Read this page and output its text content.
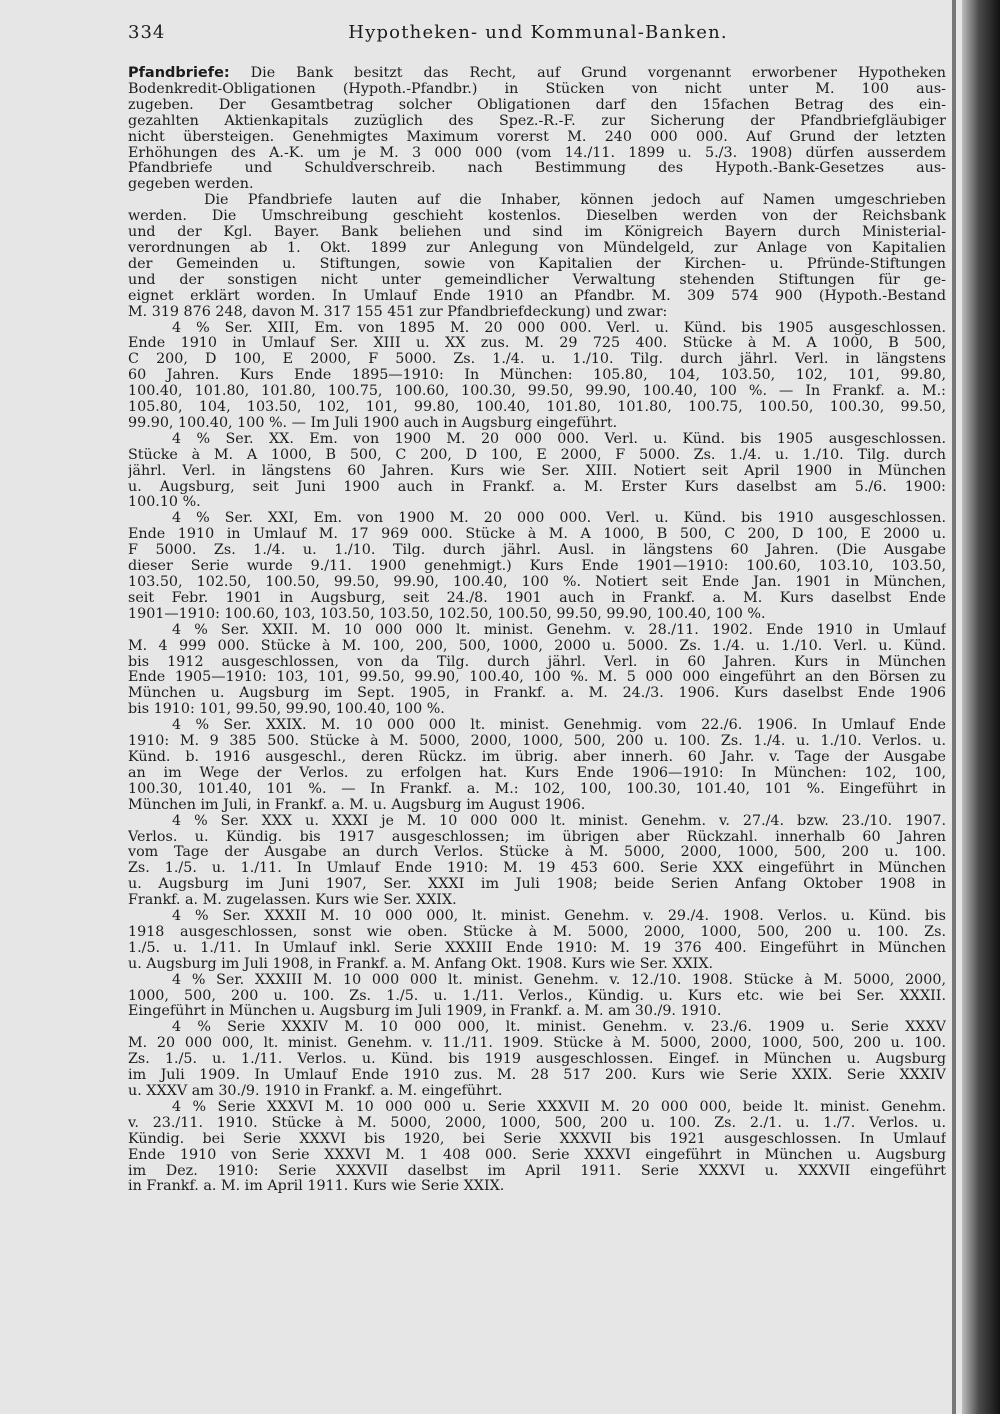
334	Hypotheken- und Kommunal-Banken.
Pfandbriefe: Die Bank besitzt das Recht, auf Grund vorgenannt erworbener Hypotheken
Bodenkredit-Obligationen (Hypoth.-Pfandbr.) in Stücken von nicht unter M. 100 aus-
zugeben. Der Gesamtbetrag solcher Obligationen darf den 15fachen Betrag des ein-
gezahlten Aktienkapitals zuzüglich des Spez.-R.-F. zur Sicherung der Pfandbriefgläubiger
nicht übersteigen. Genehmigtes Maximum vorerst M. 240 000 000. Auf Grund der letzten
Erhöhungen des A.-K. um je M. 3 000 000 (vom 14./11. 1899 u. 5./3. 1908) dürfen ausserdem
Pfandbriefe und Schuldverschreib. nach Bestimmung des Hypoth.-Bank-Gesetzes aus-
gegeben werden.
Die Pfandbriefe lauten auf die Inhaber, können jedoch auf Namen umgeschrieben
werden. Die Umschreibung geschieht kostenlos. Dieselben werden von der Reichsbank
und der Kgl. Bayer. Bank beliehen und sind im Königreich Bayern durch Ministerial-
verordnungen ab 1. Okt. 1899 zur Anlegung von Mündelgeld, zur Anlage von Kapitalien
der Gemeinden u. Stiftungen, sowie von Kapitalien der Kirchen- u. Pfründe-Stiftungen
und der sonstigen nicht unter gemeindlicher Verwaltung stehenden Stiftungen für ge-
eignet erklärt worden. In Umlauf Ende 1910 an Pfandbr. M. 309 574 900 (Hypoth.-Bestand
M. 319 876 248, davon M. 317 155 451 zur Pfandbriefdeckung) und zwar:
4 % Ser. XIII, Em. von 1895 M. 20 000 000. Verl. u. Künd. bis 1905 ausgeschlossen.
Ende 1910 in Umlauf Ser. XIII u. XX zus. M. 29 725 400. Stücke à M. A 1000, B 500,
C 200, D 100, E 2000, F 5000. Zs. 1./4. u. 1./10. Tilg. durch jährl. Verl. in längstens
60 Jahren. Kurs Ende 1895—1910: In München: 105.80, 104, 103.50, 102, 101, 99.80,
100.40, 101.80, 101.80, 100.75, 100.60, 100.30, 99.50, 99.90, 100.40, 100 %. — In Frankf. a. M.:
105.80, 104, 103.50, 102, 101, 99.80, 100.40, 101.80, 101.80, 100.75, 100.50, 100.30, 99.50,
99.90, 100.40, 100 %. — Im Juli 1900 auch in Augsburg eingeführt.
4 % Ser. XX. Em. von 1900 M. 20 000 000. Verl. u. Künd. bis 1905 ausgeschlossen.
Stücke à M. A 1000, B 500, C 200, D 100, E 2000, F 5000. Zs. 1./4. u. 1./10. Tilg. durch
jährl. Verl. in längstens 60 Jahren. Kurs wie Ser. XIII. Notiert seit April 1900 in München
u. Augsburg, seit Juni 1900 auch in Frankf. a. M. Erster Kurs daselbst am 5./6. 1900:
100.10 %.
4 % Ser. XXI, Em. von 1900 M. 20 000 000. Verl. u. Künd. bis 1910 ausgeschlossen.
Ende 1910 in Umlauf M. 17 969 000. Stücke à M. A 1000, B 500, C 200, D 100, E 2000 u.
F 5000. Zs. 1./4. u. 1./10. Tilg. durch jährl. Ausl. in längstens 60 Jahren. (Die Ausgabe
dieser Serie wurde 9./11. 1900 genehmigt.) Kurs Ende 1901—1910: 100.60, 103.10, 103.50,
103.50, 102.50, 100.50, 99.50, 99.90, 100.40, 100 %. Notiert seit Ende Jan. 1901 in München,
seit Febr. 1901 in Augsburg, seit 24./8. 1901 auch in Frankf. a. M. Kurs daselbst Ende
1901—1910: 100.60, 103, 103.50, 103.50, 102.50, 100.50, 99.50, 99.90, 100.40, 100 %.
4 % Ser. XXII. M. 10 000 000 lt. minist. Genehm. v. 28./11. 1902. Ende 1910 in Umlauf
M. 4 999 000. Stücke à M. 100, 200, 500, 1000, 2000 u. 5000. Zs. 1./4. u. 1./10. Verl. u. Künd.
bis 1912 ausgeschlossen, von da Tilg. durch jährl. Verl. in 60 Jahren. Kurs in München
Ende 1905—1910: 103, 101, 99.50, 99.90, 100.40, 100 %. M. 5 000 000 eingeführt an den Börsen zu
München u. Augsburg im Sept. 1905, in Frankf. a. M. 24./3. 1906. Kurs daselbst Ende 1906
bis 1910: 101, 99.50, 99.90, 100.40, 100 %.
4 % Ser. XXIX. M. 10 000 000 lt. minist. Genehmig. vom 22./6. 1906. In Umlauf Ende
1910: M. 9 385 500. Stücke à M. 5000, 2000, 1000, 500, 200 u. 100. Zs. 1./4. u. 1./10. Verlos. u.
Künd. b. 1916 ausgeschl., deren Rückz. im übrig. aber innerh. 60 Jahr. v. Tage der Ausgabe
an im Wege der Verlos. zu erfolgen hat. Kurs Ende 1906—1910: In München: 102, 100,
100.30, 101.40, 101 %. — In Frankf. a. M.: 102, 100, 100.30, 101.40, 101 %. Eingeführt in
München im Juli, in Frankf. a. M. u. Augsburg im August 1906.
4 % Ser. XXX u. XXXI je M. 10 000 000 lt. minist. Genehm. v. 27./4. bzw. 23./10. 1907.
Verlos. u. Kündig. bis 1917 ausgeschlossen; im übrigen aber Rückzahl. innerhalb 60 Jahren
vom Tage der Ausgabe an durch Verlos. Stücke à M. 5000, 2000, 1000, 500, 200 u. 100.
Zs. 1./5. u. 1./11. In Umlauf Ende 1910: M. 19 453 600. Serie XXX eingeführt in München
u. Augsburg im Juni 1907, Ser. XXXI im Juli 1908; beide Serien Anfang Oktober 1908 in
Frankf. a. M. zugelassen. Kurs wie Ser. XXIX.
4 % Ser. XXXII M. 10 000 000, lt. minist. Genehm. v. 29./4. 1908. Verlos. u. Künd. bis
1918 ausgeschlossen, sonst wie oben. Stücke à M. 5000, 2000, 1000, 500, 200 u. 100. Zs.
1./5. u. 1./11. In Umlauf inkl. Serie XXXIII Ende 1910: M. 19 376 400. Eingeführt in München
u. Augsburg im Juli 1908, in Frankf. a. M. Anfang Okt. 1908. Kurs wie Ser. XXIX.
4 % Ser. XXXIII M. 10 000 000 lt. minist. Genehm. v. 12./10. 1908. Stücke à M. 5000, 2000,
1000, 500, 200 u. 100. Zs. 1./5. u. 1./11. Verlos., Kündig. u. Kurs etc. wie bei Ser. XXXII.
Eingeführt in München u. Augsburg im Juli 1909, in Frankf. a. M. am 30./9. 1910.
4 % Serie XXXIV M. 10 000 000, lt. minist. Genehm. v. 23./6. 1909 u. Serie XXXV
M. 20 000 000, lt. minist. Genehm. v. 11./11. 1909. Stücke à M. 5000, 2000, 1000, 500, 200 u. 100.
Zs. 1./5. u. 1./11. Verlos. u. Künd. bis 1919 ausgeschlossen. Eingef. in München u. Augsburg
im Juli 1909. In Umlauf Ende 1910 zus. M. 28 517 200. Kurs wie Serie XXIX. Serie XXXIV
u. XXXV am 30./9. 1910 in Frankf. a. M. eingeführt.
4 % Serie XXXVI M. 10 000 000 u. Serie XXXVII M. 20 000 000, beide lt. minist. Genehm.
v. 23./11. 1910. Stücke à M. 5000, 2000, 1000, 500, 200 u. 100. Zs. 2./1. u. 1./7. Verlos. u.
Kündig. bei Serie XXXVI bis 1920, bei Serie XXXVII bis 1921 ausgeschlossen. In Umlauf
Ende 1910 von Serie XXXVI M. 1 408 000. Serie XXXVI eingeführt in München u. Augsburg
im Dez. 1910: Serie XXXVII daselbst im April 1911. Serie XXXVI u. XXXVII eingeführt
in Frankf. a. M. im April 1911. Kurs wie Serie XXIX.
